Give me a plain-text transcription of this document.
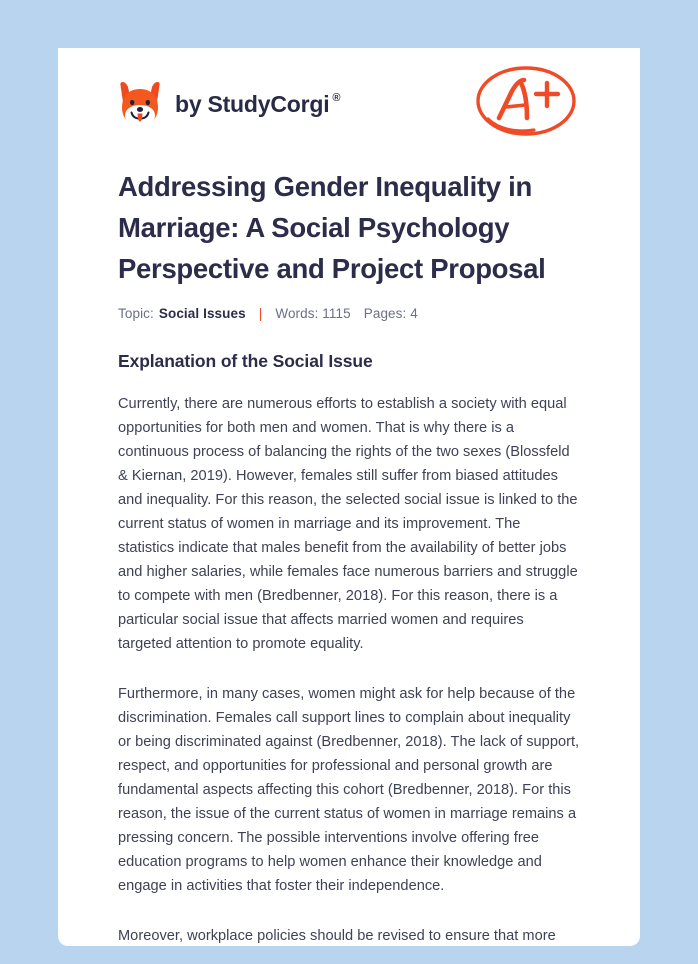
by StudyCorgi ®
Addressing Gender Inequality in Marriage: A Social Psychology Perspective and Project Proposal
Topic: Social Issues | Words: 1115 Pages: 4
Explanation of the Social Issue

Currently, there are numerous efforts to establish a society with equal opportunities for both men and women. That is why there is a continuous process of balancing the rights of the two sexes (Blossfeld & Kiernan, 2019). However, females still suffer from biased attitudes and inequality. For this reason, the selected social issue is linked to the current status of women in marriage and its improvement. The statistics indicate that males benefit from the availability of better jobs and higher salaries, while females face numerous barriers and struggle to compete with men (Bredbenner, 2018). For this reason, there is a particular social issue that affects married women and requires targeted attention to promote equality.

Furthermore, in many cases, women might ask for help because of the discrimination. Females call support lines to complain about inequality or being discriminated against (Bredbenner, 2018). The lack of support, respect, and opportunities for professional and personal growth are fundamental aspects affecting this cohort (Bredbenner, 2018). For this reason, the issue of the current status of women in marriage remains a pressing concern. The possible interventions involve offering free education programs to help women enhance their knowledge and engage in activities that foster their independence.

Moreover, workplace policies should be revised to ensure that more
